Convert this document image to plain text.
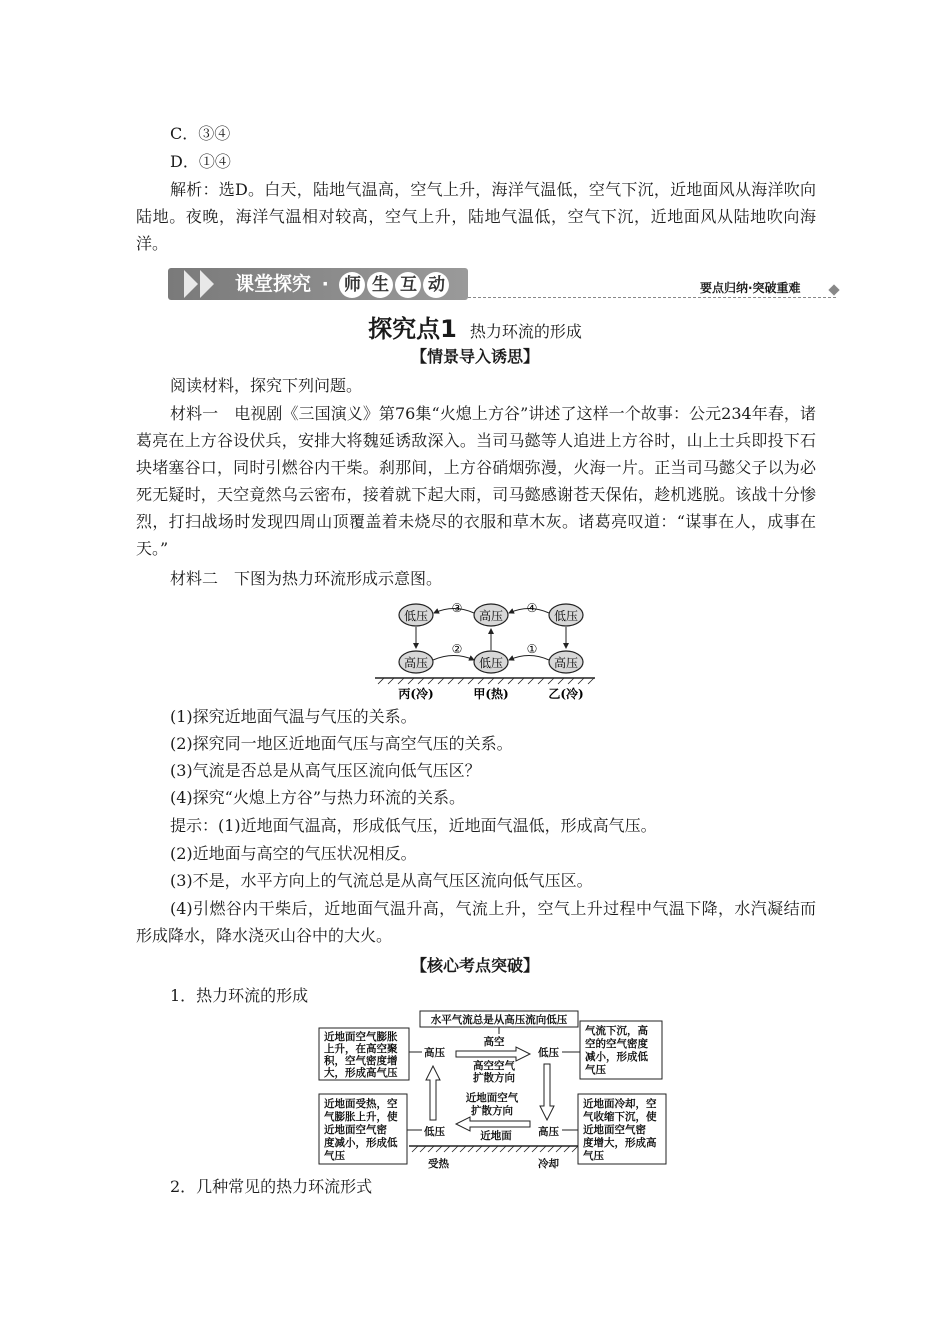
C．③④
D．①④
解析：选D。白天，陆地气温高，空气上升，海洋气温低，空气下沉，近地面风从海洋吹向陆地。夜晚，海洋气温相对较高，空气上升，陆地气温低，空气下沉，近地面风从陆地吹向海洋。
课堂探究 · 师 生 互 动	要点归纳·突破重难
探究点1 热力环流的形成
【情景导入诱思】
阅读材料，探究下列问题。
材料一　电视剧《三国演义》第76集“火熄上方谷”讲述了这样一个故事：公元234年春，诸葛亮在上方谷设伏兵，安排大将魏延诱敌深入。当司马懿等人追进上方谷时，山上士兵即投下石块堵塞谷口，同时引燃谷内干柴。刹那间，上方谷硝烟弥漫，火海一片。正当司马懿父子以为必死无疑时，天空竟然乌云密布，接着就下起大雨，司马懿感谢苍天保佑，趁机逃脱。该战十分惨烈，打扫战场时发现四周山顶覆盖着未烧尽的衣服和草木灰。诸葛亮叹道：“谋事在人，成事在天。”
材料二　下图为热力环流形成示意图。
低压	高压	低压
高压	低压	高压
③	④
②	①
丙(冷)	甲(热)	乙(冷)
(1)探究近地面气温与气压的关系。
(2)探究同一地区近地面气压与高空气压的关系。
(3)气流是否总是从高气压区流向低气压区？
(4)探究“火熄上方谷”与热力环流的关系。
提示：(1)近地面气温高，形成低气压，近地面气温低，形成高气压。
(2)近地面与高空的气压状况相反。
(3)不是，水平方向上的气流总是从高气压区流向低气压区。
(4)引燃谷内干柴后，近地面气温升高，气流上升，空气上升过程中气温下降，水汽凝结而形成降水，降水浇灭山谷中的大火。
【核心考点突破】
1．热力环流的形成
水平气流总是从高压流向低压
近地面空气膨胀
上升，在高空聚
积，空气密度增
大，形成高气压
气流下沉，高
空的空气密度
减小，形成低
气压
近地面受热，空
气膨胀上升，使
近地面空气密
度减小，形成低
气压
近地面冷却，空
气收缩下沉，使
近地面空气密
度增大，形成高
气压
高压	低压
低压	高压
高空
高空空气
扩散方向
近地面空气
扩散方向
近地面
受热	冷却
2．几种常见的热力环流形式
